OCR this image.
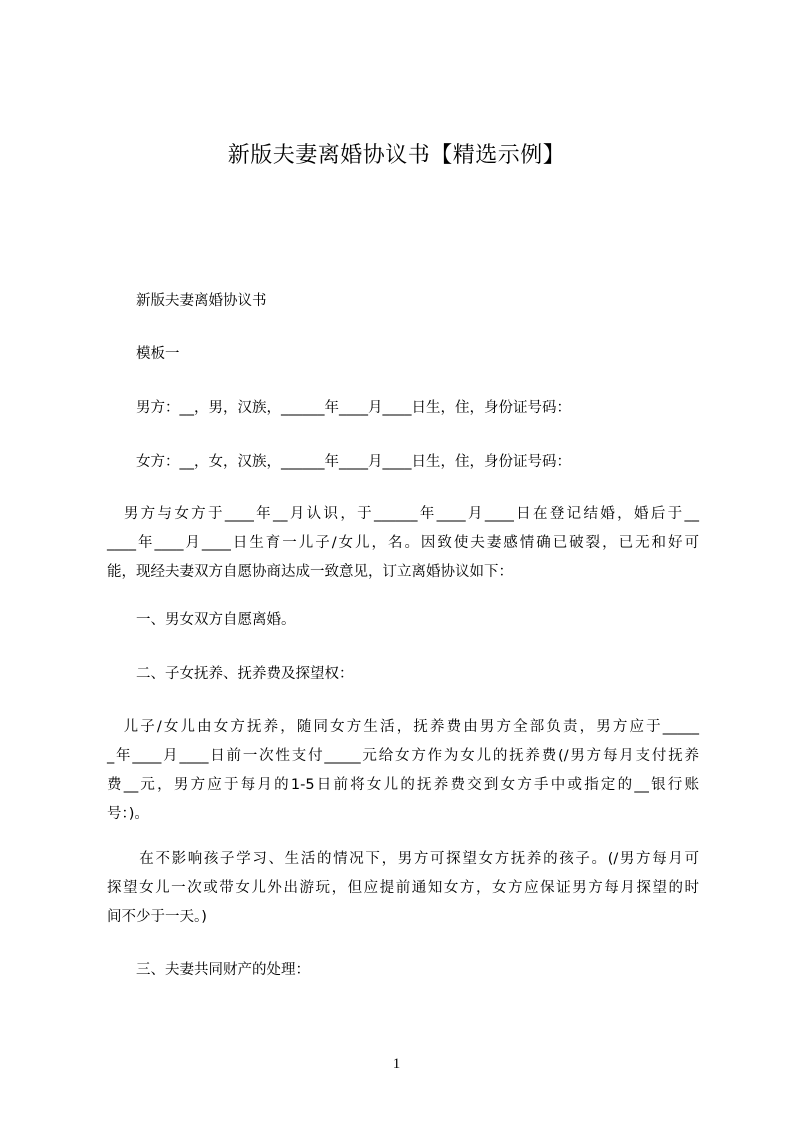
新版夫妻离婚协议书【精选示例】
新版夫妻离婚协议书
模板一
男方：__，男，汉族，______年____月____日生，住，身份证号码：
女方：__，女，汉族，______年____月____日生，住，身份证号码：
　男方与女方于____年__月认识，于______年____月____日在登记结婚，婚后于__
____年____月____日生育一儿子/女儿，名。因致使夫妻感情确已破裂，已无和好可
能，现经夫妻双方自愿协商达成一致意见，订立离婚协议如下：
一、男女双方自愿离婚。
二、子女抚养、抚养费及探望权：
　儿子/女儿由女方抚养，随同女方生活，抚养费由男方全部负责，男方应于_____
_年____月____日前一次性支付_____元给女方作为女儿的抚养费(/男方每月支付抚养
费__元，男方应于每月的1-5日前将女儿的抚养费交到女方手中或指定的__银行账
号：)。
　　在不影响孩子学习、生活的情况下，男方可探望女方抚养的孩子。(/男方每月可
探望女儿一次或带女儿外出游玩，但应提前通知女方，女方应保证男方每月探望的时
间不少于一天。)
三、夫妻共同财产的处理：
1
